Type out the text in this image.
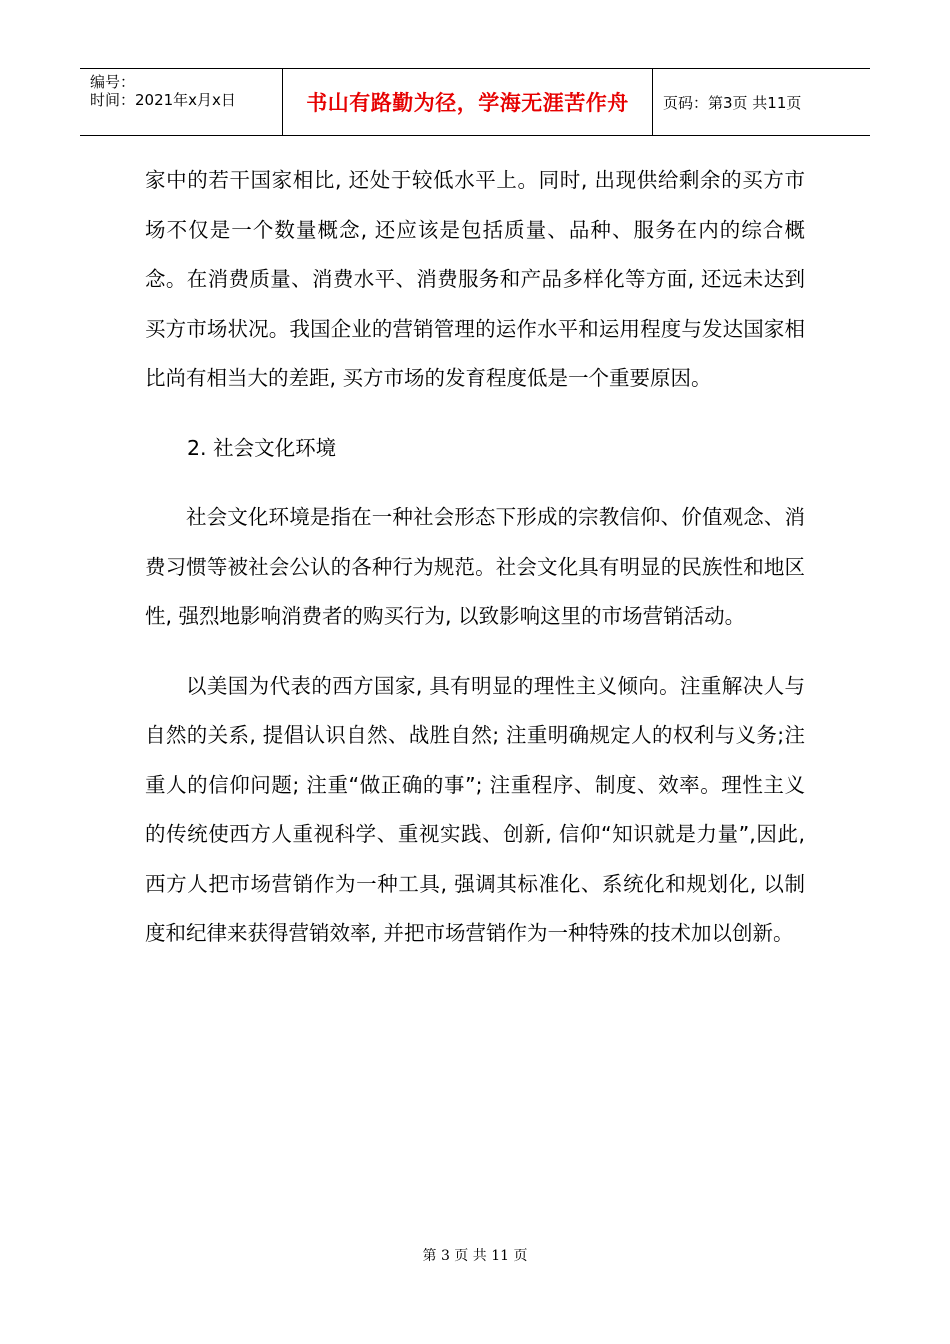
编号：
时间：2021年x月x日	书山有路勤为径，学海无涯苦作舟	页码：第3页 共11页

家中的若干国家相比, 还处于较低水平上。同时, 出现供给剩余的买方市场不仅是一个数量概念, 还应该是包括质量、品种、服务在内的综合概念。在消费质量、消费水平、消费服务和产品多样化等方面, 还远未达到买方市场状况。我国企业的营销管理的运作水平和运用程度与发达国家相比尚有相当大的差距, 买方市场的发育程度低是一个重要原因。

2. 社会文化环境

社会文化环境是指在一种社会形态下形成的宗教信仰、价值观念、消费习惯等被社会公认的各种行为规范。社会文化具有明显的民族性和地区性, 强烈地影响消费者的购买行为, 以致影响这里的市场营销活动。

以美国为代表的西方国家, 具有明显的理性主义倾向。注重解决人与自然的关系, 提倡认识自然、战胜自然; 注重明确规定人的权利与义务;注重人的信仰问题; 注重“做正确的事”; 注重程序、制度、效率。理性主义的传统使西方人重视科学、重视实践、创新, 信仰“知识就是力量”,因此, 西方人把市场营销作为一种工具, 强调其标准化、系统化和规划化, 以制度和纪律来获得营销效率, 并把市场营销作为一种特殊的技术加以创新。

第 3 页 共 11 页
